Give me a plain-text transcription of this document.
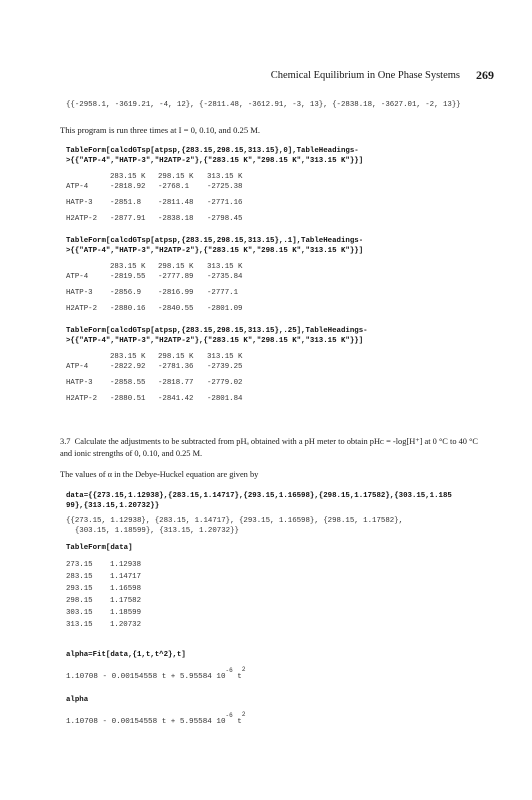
Chemical Equilibrium in One Phase Systems 269
{{-2958.1, -3619.21, -4, 12}, {-2811.48, -3612.91, -3, 13}, {-2838.18, -3627.01, -2, 13}}
This program is run three times at I = 0, 0.10, and 0.25 M.
TableForm[calcdGTsp[atpsp,{283.15,298.15,313.15},0],TableHeadings-
>{{"ATP-4","HATP-3","H2ATP-2"},{"283.15 K","298.15 K","313.15 K"}}]
283.15 K 298.15 K 313.15 K
ATP-4	-2818.92 -2768.1 -2725.38
HATP-3 -2851.8 -2811.48 -2771.16
H2ATP-2 -2877.91 -2838.18 -2798.45
TableForm[calcdGTsp[atpsp,{283.15,298.15,313.15},.1],TableHeadings-
>{{"ATP-4","HATP-3","H2ATP-2"},{"283.15 K","298.15 K","313.15 K"}}]
283.15 K 298.15 K 313.15 K
ATP-4	-2819.55 -2777.89 -2735.84
HATP-3 -2856.9 -2816.99 -2777.1
H2ATP-2 -2880.16 -2840.55 -2801.09
TableForm[calcdGTsp[atpsp,{283.15,298.15,313.15},.25],TableHeadings-
>{{"ATP-4","HATP-3","H2ATP-2"},{"283.15 K","298.15 K","313.15 K"}}]
283.15 K 298.15 K 313.15 K
ATP-4	-2822.92 -2781.36 -2739.25
HATP-3 -2858.55 -2818.77 -2779.02
H2ATP-2 -2880.51 -2841.42 -2801.84
3.7  Calculate the adjustments to be subtracted from pHₐ obtained with a pH meter to obtain pHᴄ = -log[H⁺] at 0 °C to 40 °C
and ionic strengths of 0, 0.10, and 0.25 M.
The values of α in the Debye-Huckel equation are given by
data={{273.15,1.12938},{283.15,1.14717},{293.15,1.16598},{298.15,1.17582},{303.15,1.185
99},{313.15,1.20732}}
{{273.15, 1.12938}, {283.15, 1.14717}, {293.15, 1.16598}, {298.15, 1.17582},
{303.15, 1.18599}, {313.15, 1.20732}}
TableForm[data]
273.15 1.12938
283.15 1.14717
293.15 1.16598
298.15 1.17582
303.15 1.18599
313.15 1.20732
alpha=Fit[data,{1,t,t^2},t]
1.10708 - 0.00154558 t + 5.95584 $10^{-6}$ $t^2$
alpha
1.10708 - 0.00154558 t + 5.95584 $10^{-6}$ $t^2$
